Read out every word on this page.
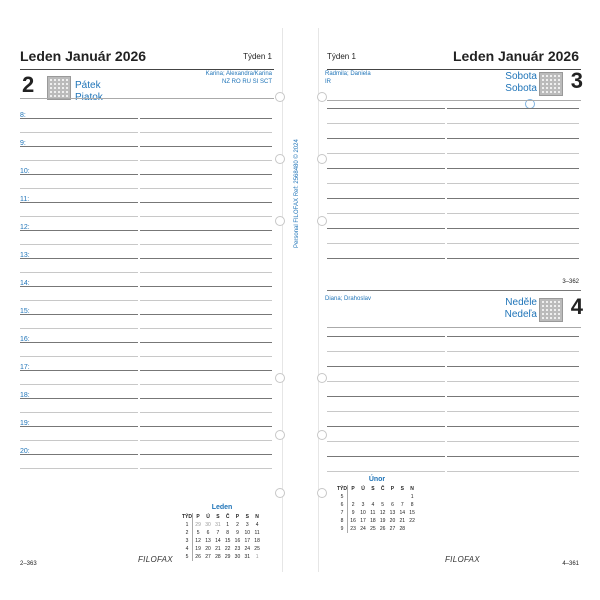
Leden Január 2026	Týden 1
2	Pátek
Karina; Alexandra/Karina
NZ RO RU SI SCT
Leden
TÝD	P	Ú	S	Č	P	S	N
1	29	30	31	1	2	3	4
2	5	6	7	8	9	10	11
3	12	13	14	15	16	17	18
4	19	20	21	22	23	24	25
5	26	27	28	29	30	31	1
2–363	FILOFAX
8:
9:
10:
11:
12:
13:
14:
15:
16:
17:
18:
19:
20:
Týden 1	Leden Január 2026
Radmila; Daniela
IR	Sobota
Sobota 3
3–362
Diana; Drahoslav	Neděle
Nedeľa 4
Únor
TÝD	P	Ú	S	Č	P	S	N
5							1
6	2	3	4	5	6	7	8
7	9	10	11	12	13	14	15
8	16	17	18	19	20	21	22
9	23	24	25	26	27	28	
FILOFAX	4–361
Personal FILOFAX Ref: 2568480 © 2024
